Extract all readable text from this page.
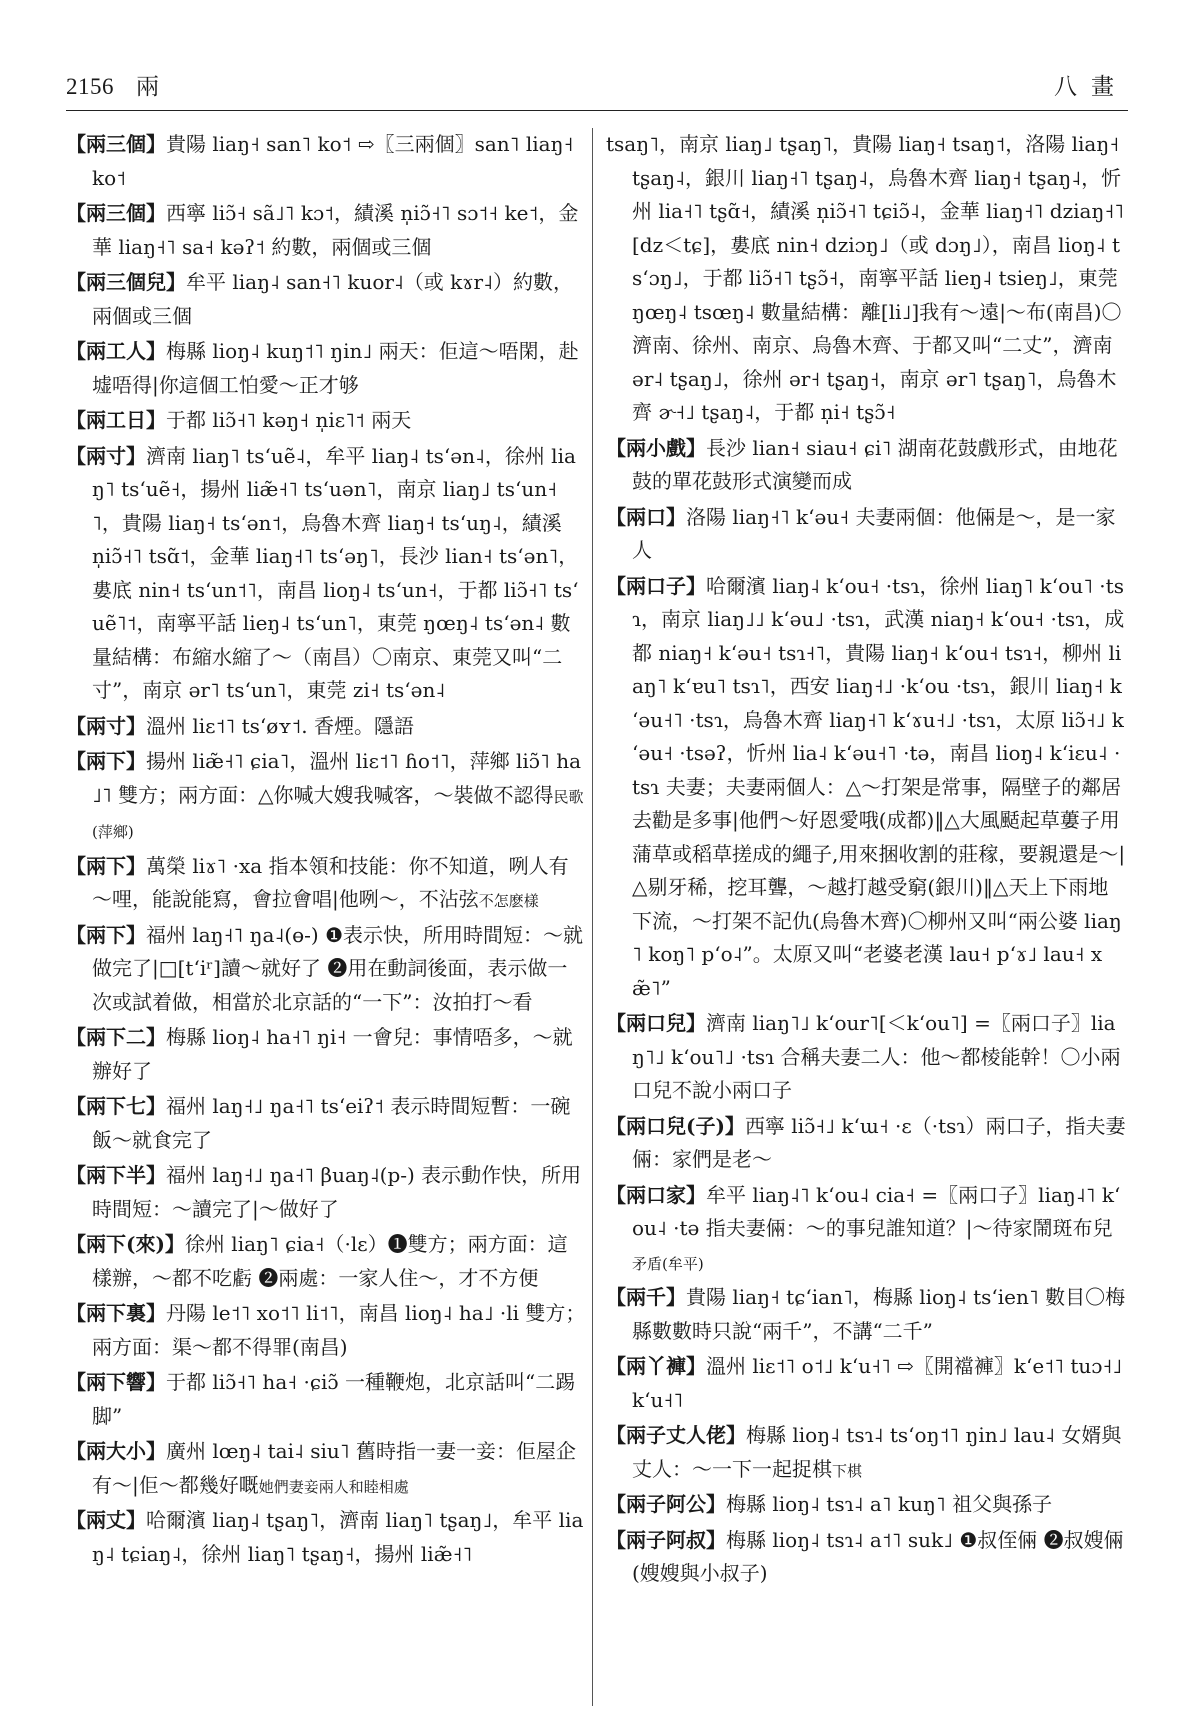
2156 兩	八畫

【兩三個】貴陽 liaŋ˧ san˥ ko˦ ⇨〖三兩個〗san˥ liaŋ˧ ko˦

【兩三個】西寧 liɔ̃˧ sã˩˥ kɔ˦，績溪 n̩iɔ̃˧˥ sɔ˦˧ ke˦，金華 liaŋ˧˥ sa˧ kəʔ˦ 約數，兩個或三個

【兩三個兒】牟平 liaŋ˨ san˧˥ kuor˨（或 kɤr˨）約數，兩個或三個

【兩工人】梅縣 lioŋ˨ kuŋ˦˥ ŋin˩ 兩天：佢這～唔閑，赴墟唔得|你這個工怕愛～正才够

【兩工日】于都 liɔ̃˧˥ kəŋ˧ n̩iɛ˥˦ 兩天

【兩寸】濟南 liaŋ˥ tsʻuẽ˨，牟平 liaŋ˨ tsʻən˨，徐州 liaŋ˥ tsʻuẽ˧，揚州 liæ̃˧˥ tsʻuən˥，南京 liaŋ˩ tsʻun˧˥，貴陽 liaŋ˧ tsʻən˦，烏魯木齊 liaŋ˧ tsʻuŋ˨，績溪 n̩iɔ̃˧˥ tsɑ̃˦，金華 liaŋ˧˥ tsʻəŋ˥，長沙 lian˧ tsʻən˥，婁底 nin˧ tsʻun˦˥，南昌 lioŋ˨ tsʻun˧，于都 liɔ̃˧˥ tsʻuẽ˥˦，南寧平話 lieŋ˨ tsʻun˥，東莞 ŋœŋ˨ tsʻən˨ 數量結構：布縮水縮了～（南昌）〇南京、東莞又叫“二寸”，南京 ər˥ tsʻun˥，東莞 zi˧ tsʻən˨

【兩寸】溫州 liɛ˦˥ tsʻøʏ˦. 香煙。隱語

【兩下】揚州 liæ̃˧˥ ɕia˥，溫州 liɛ˦˥ ɦo˦˥，萍鄉 liɔ̃˥ ha˩˥ 雙方；兩方面：△你喊大嫂我喊客，～裝做不認得民歌(萍鄉)

【兩下】萬榮 liɤ˥ ·xa 指本領和技能：你不知道，咧人有～哩，能說能寫，會拉會唱|他咧～，不沾弦不怎麽樣

【兩下】福州 laŋ˧˥ ŋa˨(ɵ-) ❶表示快，所用時間短：～就做完了|□[tʻiʳ]讀～就好了 ❷用在動詞後面，表示做一次或試着做，相當於北京話的“一下”：汝拍打～看

【兩下二】梅縣 lioŋ˨ ha˧˥ ŋi˧ 一會兒：事情唔多，～就辦好了

【兩下七】福州 laŋ˧˩ ŋa˧˥ tsʻeiʔ˦ 表示時間短暫：一碗飯～就食完了

【兩下半】福州 laŋ˧˩ ŋa˧˥ βuaŋ˨(p-) 表示動作快，所用時間短：～讀完了|～做好了

【兩下(來)】徐州 liaŋ˥ ɕia˧（·lɛ）❶雙方；兩方面：這樣辦，～都不吃虧 ❷兩處：一家人住～，才不方便

【兩下裏】丹陽 le˦˥ xo˦˥ li˦˥，南昌 lioŋ˨ ha˩ ·li 雙方；兩方面：渠～都不得罪(南昌)

【兩下響】于都 liɔ̃˧˥ ha˧ ·ɕiɔ̃ 一種鞭炮，北京話叫“二踢脚”

【兩大小】廣州 lœŋ˨ tai˨ siu˥ 舊時指一妻一妾：佢屋企有～|佢～都幾好嘅她們妻妾兩人和睦相處

【兩丈】哈爾濱 liaŋ˨ tʂaŋ˥，濟南 liaŋ˥ tʂaŋ˩，牟平 liaŋ˨ tɕiaŋ˨，徐州 liaŋ˥ tʂaŋ˧，揚州 liæ̃˧˥

tsaŋ˥，南京 liaŋ˩ tʂaŋ˥，貴陽 liaŋ˧ tsaŋ˦，洛陽 liaŋ˧ tʂaŋ˨，銀川 liaŋ˧˥ tʂaŋ˨，烏魯木齊 liaŋ˧ tʂaŋ˨，忻州 lia˧˥ tʂɑ̃˧，績溪 n̩iɔ̃˧˥ tɕiɔ̃˨，金華 liaŋ˧˥ dziaŋ˧˥[dz＜tɕ]，婁底 nin˧ dziɔŋ˩（或 dɔŋ˩），南昌 lioŋ˨ tsʻɔŋ˩，于都 liɔ̃˧˥ tʂɔ̃˧，南寧平話 lieŋ˨ tsieŋ˩，東莞 ŋœŋ˨ tsœŋ˨ 數量結構：離[li˩]我有～遠|～布(南昌)〇濟南、徐州、南京、烏魯木齊、于都又叫“二丈”，濟南 ər˨ tʂaŋ˩，徐州 ər˧ tʂaŋ˧，南京 ər˥ tʂaŋ˥，烏魯木齊 ɚ˧˩ tʂaŋ˨，于都 n̩i˧ tʂɔ̃˧

【兩小戲】長沙 lian˧ siau˧ ɕi˥ 湖南花鼓戲形式，由地花鼓的單花鼓形式演變而成

【兩口】洛陽 liaŋ˧˥ kʻəu˧ 夫妻兩個：他倆是～，是一家人

【兩口子】哈爾濱 liaŋ˨ kʻou˧ ·tsɿ，徐州 liaŋ˥ kʻou˥ ·tsɿ，南京 liaŋ˩˩ kʻəu˩ ·tsɿ，武漢 niaŋ˧ kʻou˧ ·tsɿ，成都 niaŋ˧ kʻəu˧ tsɿ˧˥，貴陽 liaŋ˧ kʻou˧ tsɿ˧，柳州 liaŋ˥ kʻɐu˥ tsɿ˥，西安 liaŋ˧˩ ·kʻou ·tsɿ，銀川 liaŋ˧ kʻəu˧˥ ·tsɿ，烏魯木齊 liaŋ˧˥ kʻɤu˧˩ ·tsɿ，太原 liɔ̃˧˩ kʻəu˧ ·tsəʔ，忻州 lia˨ kʻəu˧˥ ·tə，南昌 lioŋ˨ kʻiɛu˨ ·tsɿ 夫妻；夫妻兩個人：△～打架是常事，隔壁子的鄰居去勸是多事|他們～好恩愛哦(成都)‖△大風颳起草蔞子用蒲草或稻草搓成的繩子,用來捆收割的莊稼，要親還是～|△剔牙稀，挖耳聾，～越打越受窮(銀川)‖△天上下雨地下流，～打架不記仇(烏魯木齊)〇柳州又叫“兩公婆 liaŋ˥ koŋ˥ pʻo˨”。太原又叫“老婆老漢 lau˧ pʻɤ˩ lau˧ xæ̃˥”

【兩口兒】濟南 liaŋ˥˩ kʻour˥[＜kʻou˥] =〖兩口子〗liaŋ˥˩ kʻou˥˩ ·tsɿ 合稱夫妻二人：他～都棱能幹！〇小兩口兒不說小兩口子

【兩口兒(子)】西寧 liɔ̃˧˩ kʻɯ˧ ·ɛ（·tsɿ）兩口子，指夫妻倆：家們是老～

【兩口家】牟平 liaŋ˨˥ kʻou˨ cia˧ =〖兩口子〗liaŋ˨˥ kʻou˨ ·tə 指夫妻倆：～的事兒誰知道？|～待家鬧斑布兒矛盾(牟平)

【兩千】貴陽 liaŋ˧ tɕʻian˥，梅縣 lioŋ˨ tsʻien˥ 數目〇梅縣數數時只說“兩千”，不講“二千”

【兩丫褲】溫州 liɛ˦˥ o˦˩ kʻu˧˥ ⇨〖開襠褲〗kʻe˦˥ tuɔ˧˩ kʻu˧˥

【兩子丈人佬】梅縣 lioŋ˨ tsɿ˨ tsʻoŋ˦˥ ŋin˩ lau˨ 女婿與丈人：～一下一起捉棋下棋

【兩子阿公】梅縣 lioŋ˨ tsɿ˨ a˥ kuŋ˥ 祖父與孫子

【兩子阿叔】梅縣 lioŋ˨ tsɿ˨ a˦˥ suk˩ ❶叔侄倆 ❷叔嫂倆(嫂嫂與小叔子)
